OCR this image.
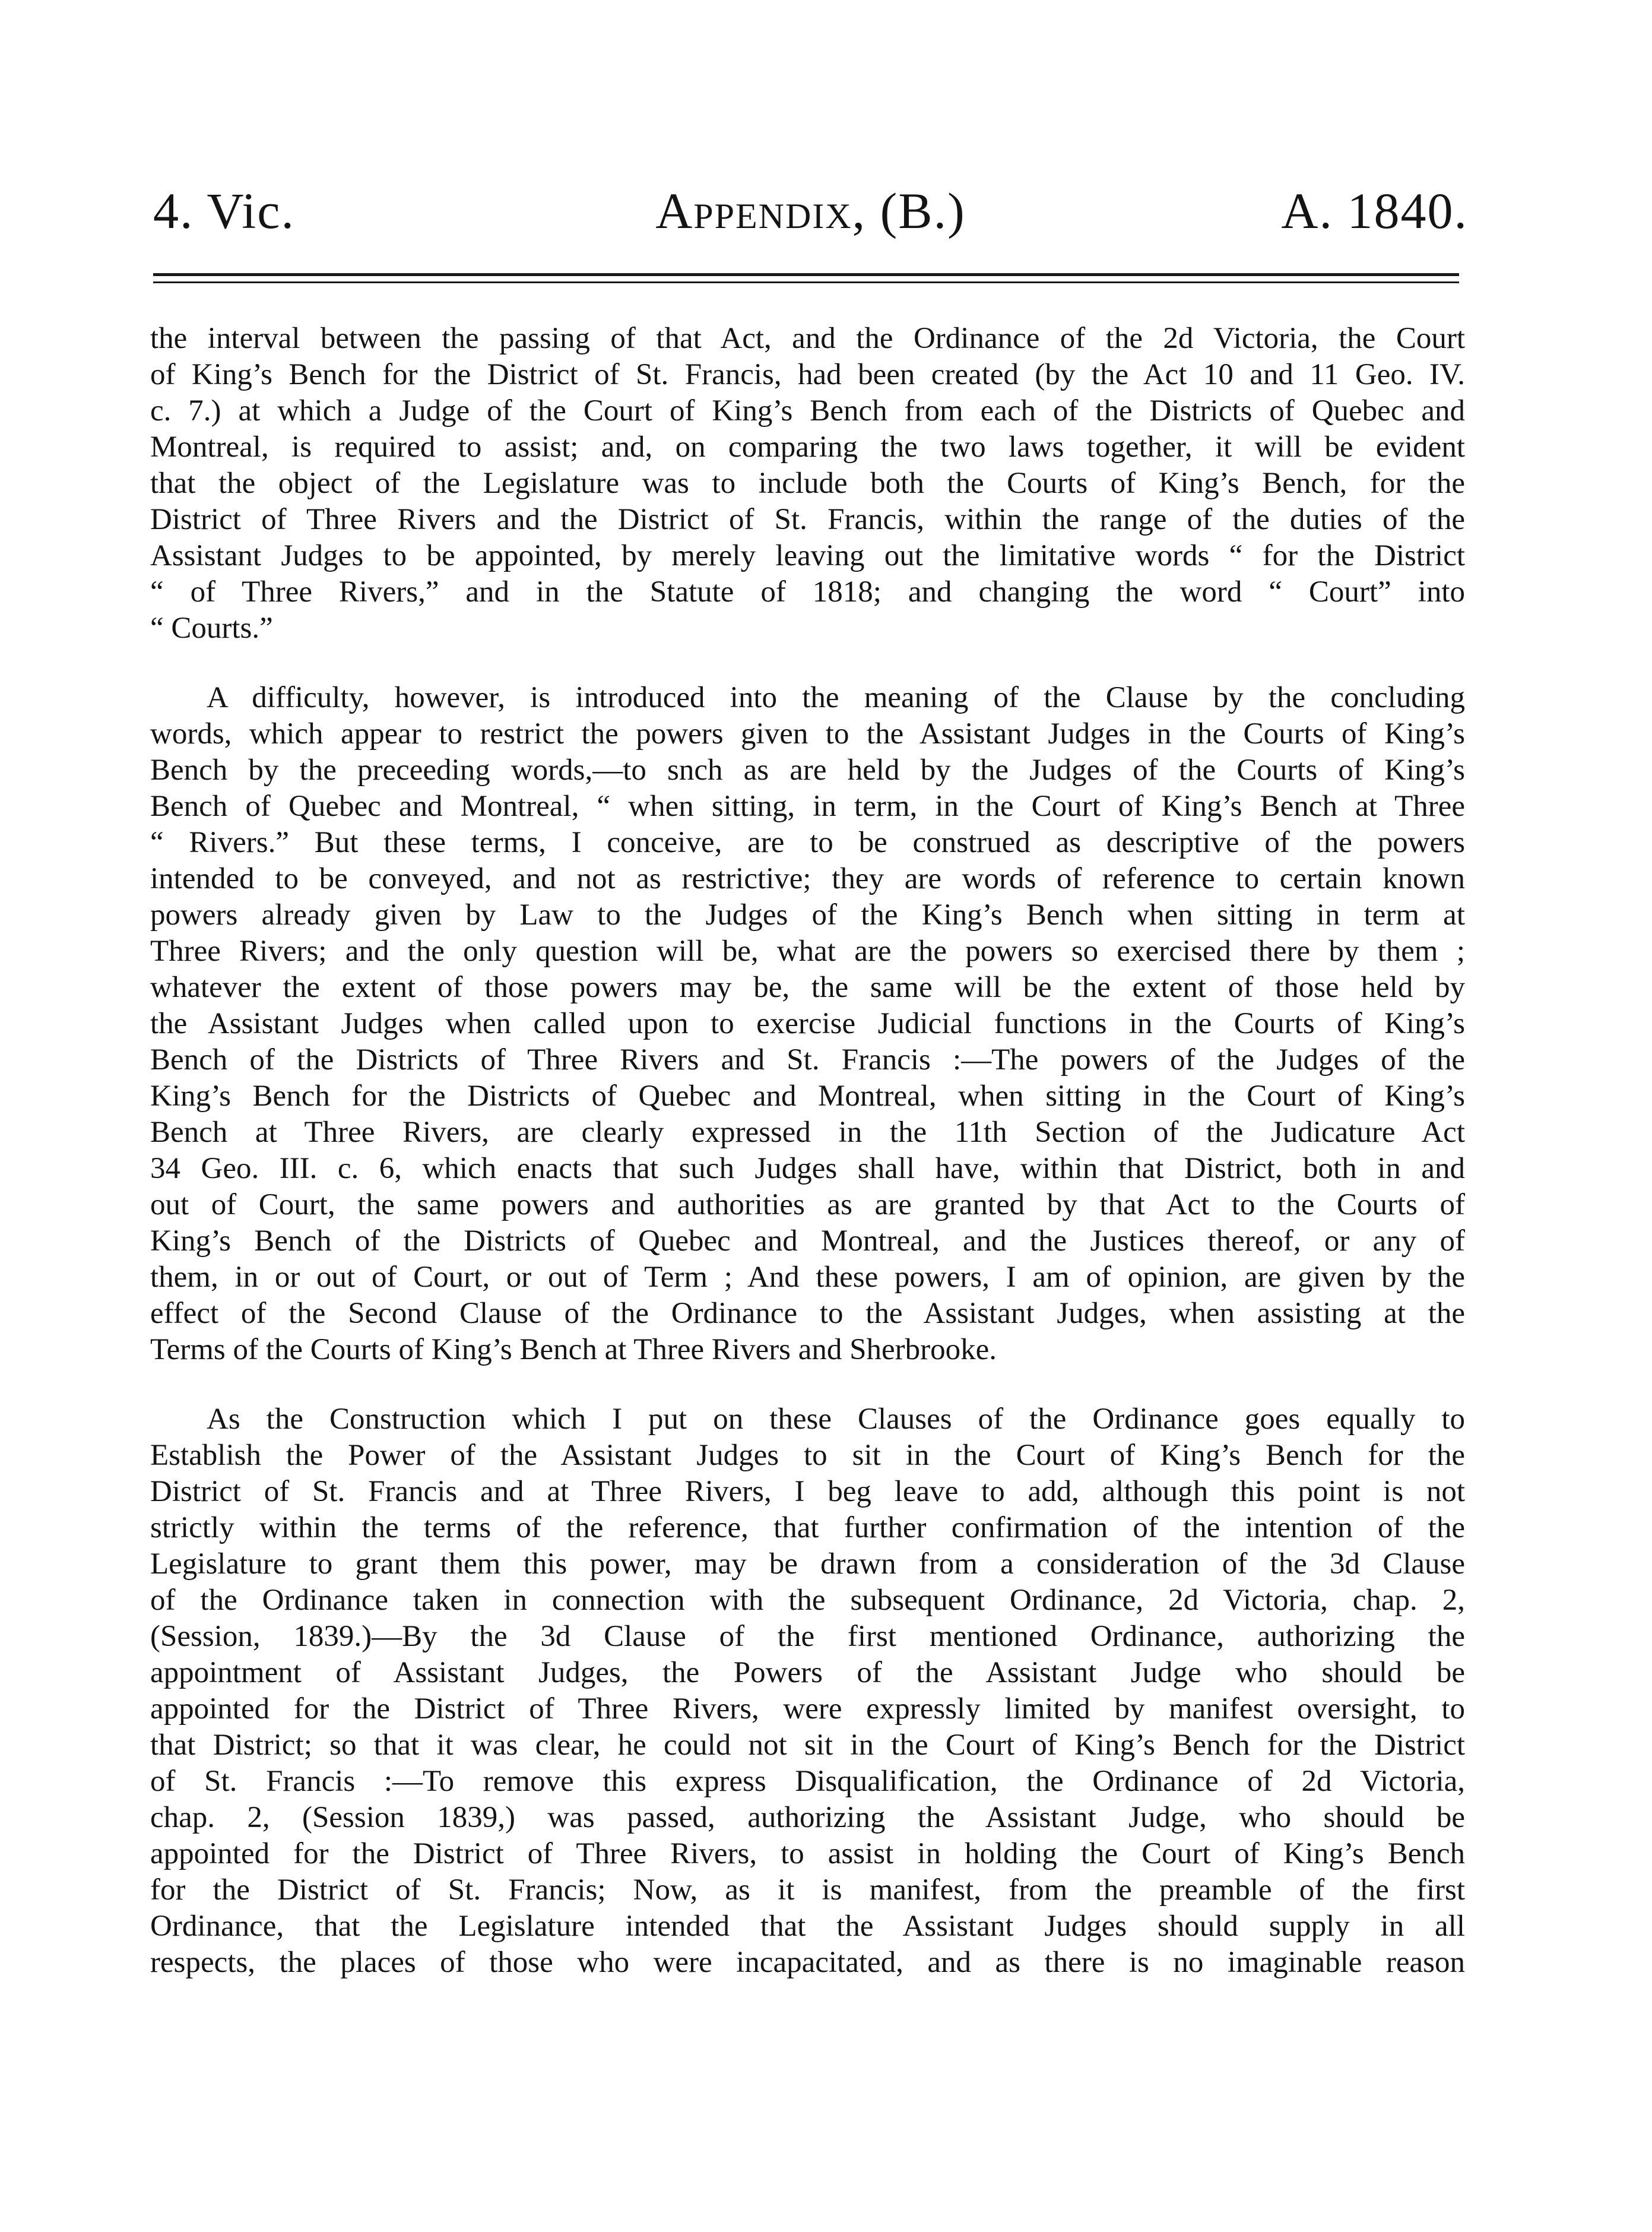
4. Vic.	Appendix, (B.)	A. 1840.
the interval between the passing of that Act, and the Ordinance of the 2d Victoria, the Court
of King’s Bench for the District of St. Francis, had been created (by the Act 10 and 11 Geo. IV.
c. 7.) at which a Judge of the Court of King’s Bench from each of the Districts of Quebec and
Montreal, is required to assist; and, on comparing the two laws together, it will be evident
that the object of the Legislature was to include both the Courts of King’s Bench, for the
District of Three Rivers and the District of St. Francis, within the range of the duties of the
Assistant Judges to be appointed, by merely leaving out the limitative words “ for the District
“ of Three Rivers,” and in the Statute of 1818; and changing the word “ Court” into
“ Courts.”
A difficulty, however, is introduced into the meaning of the Clause by the concluding
words, which appear to restrict the powers given to the Assistant Judges in the Courts of King’s
Bench by the preceeding words,—to snch as are held by the Judges of the Courts of King’s
Bench of Quebec and Montreal, “ when sitting, in term, in the Court of King’s Bench at Three
“ Rivers.” But these terms, I conceive, are to be construed as descriptive of the powers
intended to be conveyed, and not as restrictive; they are words of reference to certain known
powers already given by Law to the Judges of the King’s Bench when sitting in term at
Three Rivers; and the only question will be, what are the powers so exercised there by them ;
whatever the extent of those powers may be, the same will be the extent of those held by
the Assistant Judges when called upon to exercise Judicial functions in the Courts of King’s
Bench of the Districts of Three Rivers and St. Francis :—The powers of the Judges of the
King’s Bench for the Districts of Quebec and Montreal, when sitting in the Court of King’s
Bench at Three Rivers, are clearly expressed in the 11th Section of the Judicature Act
34 Geo. III. c. 6, which enacts that such Judges shall have, within that District, both in and
out of Court, the same powers and authorities as are granted by that Act to the Courts of
King’s Bench of the Districts of Quebec and Montreal, and the Justices thereof, or any of
them, in or out of Court, or out of Term ; And these powers, I am of opinion, are given by the
effect of the Second Clause of the Ordinance to the Assistant Judges, when assisting at the
Terms of the Courts of King’s Bench at Three Rivers and Sherbrooke.
As the Construction which I put on these Clauses of the Ordinance goes equally to
Establish the Power of the Assistant Judges to sit in the Court of King’s Bench for the
District of St. Francis and at Three Rivers, I beg leave to add, although this point is not
strictly within the terms of the reference, that further confirmation of the intention of the
Legislature to grant them this power, may be drawn from a consideration of the 3d Clause
of the Ordinance taken in connection with the subsequent Ordinance, 2d Victoria, chap. 2,
(Session, 1839.)—By the 3d Clause of the first mentioned Ordinance, authorizing the
appointment of Assistant Judges, the Powers of the Assistant Judge who should be
appointed for the District of Three Rivers, were expressly limited by manifest oversight, to
that District; so that it was clear, he could not sit in the Court of King’s Bench for the District
of St. Francis :—To remove this express Disqualification, the Ordinance of 2d Victoria,
chap. 2, (Session 1839,) was passed, authorizing the Assistant Judge, who should be
appointed for the District of Three Rivers, to assist in holding the Court of King’s Bench
for the District of St. Francis; Now, as it is manifest, from the preamble of the first
Ordinance, that the Legislature intended that the Assistant Judges should supply in all
respects, the places of those who were incapacitated, and as there is no imaginable reason
